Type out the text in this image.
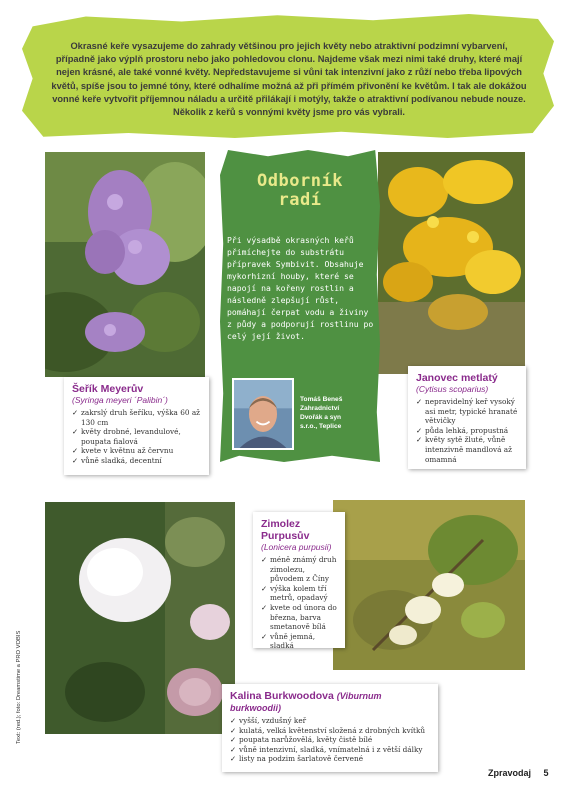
Okrasné keře vysazujeme do zahrady většinou pro jejich květy nebo atraktivní podzimní vybarvení, případně jako výplň prostoru nebo jako pohledovou clonu. Najdeme však mezi nimi také druhy, které mají nejen krásné, ale také vonné květy. Nepředstavujeme si vůni tak intenzivní jako z růží nebo třeba lipových květů, spíše jsou to jemné tóny, které odhalíme možná až při přímém přivonění ke květům. I tak ale dokážou vonné keře vytvořit příjemnou náladu a určitě přilákají i motýly, takže o atraktivní podívanou nebude nouze. Několik z keřů s vonnými květy jsme pro vás vybrali.
Odborník radí
Při výsadbě okrasných keřů přimíchejte do substrátu přípravek Symbivit. Obsahuje mykorhizní houby, které se napojí na kořeny rostlin a následně zlepšují růst, pomáhají čerpat vodu a živiny z půdy a podporují rostlinu po celý její život.
Tomáš Beneš
Zahradnictví
Dvořák a syn
s.r.o., Teplice
Šeřík Meyerův
(Syringa meyeri ´Palibin´)
✓ zakrslý druh šeříku, výška 60 až 130 cm
✓ květy drobné, levandulové, poupata fialová
✓ kvete v květnu až červnu
✓ vůně sladká, decentní
Janovec metlatý
(Cytisus scoparius)
✓ nepravidelný keř vysoký asi metr, typické hranaté větvičky
✓ půda lehká, propustná
✓ květy sytě žluté, vůně intenzivně mandlová až omamná
Zimolez Purpusův
(Lonicera purpusii)
✓ méně známý druh zimolezu, původem z Číny
✓ výška kolem tří metrů, opadavý
✓ kvete od února do března, barva smetanově bílá
✓ vůně jemná, sladká
Kalina Burkwoodova (Viburnum burkwoodii)
✓ vyšší, vzdušný keř
✓ kulatá, velká květenství složená z drobných kvítků
✓ poupata narůžovělá, květy čistě bílé
✓ vůně intenzivní, sladká, vnímatelná i z větší dálky
✓ listy na podzim šarlatově červené
Text: (red.); foto: Dreamstime a PRO VOBIS
Zpravodaj 5
